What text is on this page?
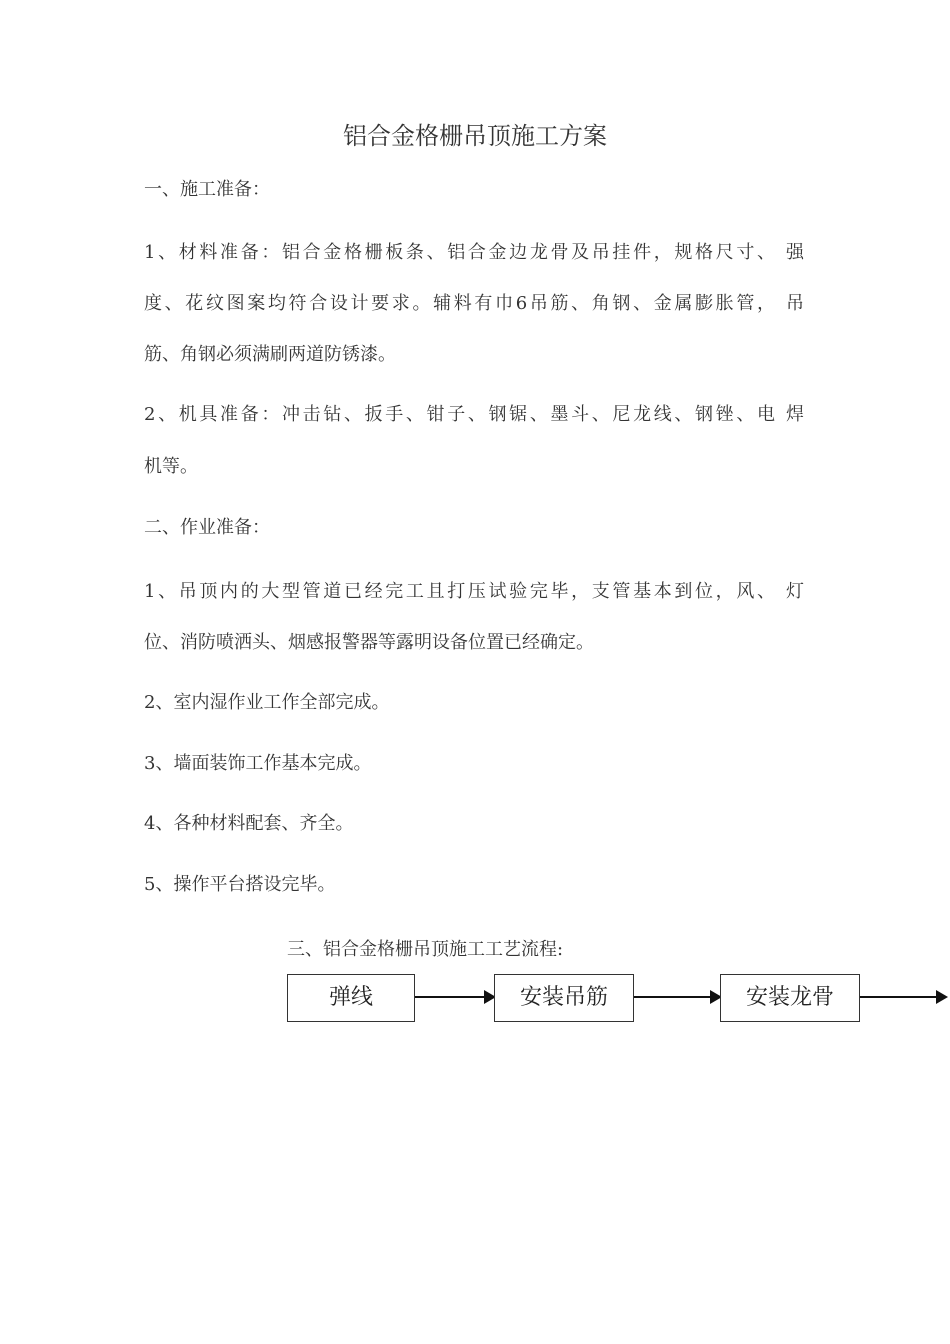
铝合金格栅吊顶施工方案
一、施工准备：
1、材料准备：铝合金格栅板条、铝合金边龙骨及吊挂件，规格尺寸、 强
度、花纹图案均符合设计要求。辅料有巾6吊筋、角钢、金属膨胀管， 吊
筋、角钢必须满刷两道防锈漆。
2、机具准备：冲击钻、扳手、钳子、钢锯、墨斗、尼龙线、钢锉、电 焊
机等。
二、作业准备：
1、吊顶内的大型管道已经完工且打压试验完毕，支管基本到位，风、 灯
位、消防喷洒头、烟感报警器等露明设备位置已经确定。
2、室内湿作业工作全部完成。
3、墙面装饰工作基本完成。
4、各种材料配套、齐全。
5、操作平台搭设完毕。
三、铝合金格栅吊顶施工工艺流程:
弹线	安装吊筋	安装龙骨
